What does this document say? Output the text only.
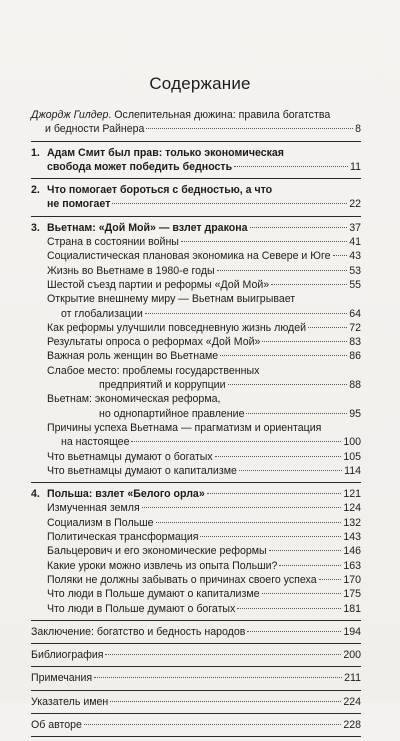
Содержание
Джордж Гилдер. Ослепительная дюжина: правила богатства
и бедности Райнера	8
1. Адам Смит был прав: только экономическая
свобода может победить бедность	11
2. Что помогает бороться с бедностью, а что
не помогает	22
3. Вьетнам: «Дой Мой» — взлет дракона	37
Страна в состоянии войны	41
Социалистическая плановая экономика на Севере и Юге 43
Жизнь во Вьетнаме в 1980-е годы	53
Шестой съезд партии и реформы «Дой Мой»	55
Открытие внешнему миру — Вьетнам выигрывает
от глобализации	64
Как реформы улучшили повседневную жизнь людей	72
Результаты опроса о реформах «Дой Мой»	83
Важная роль женщин во Вьетнаме	86
Слабое место: проблемы государственных
предприятий и коррупции	88
Вьетнам: экономическая реформа,
но однопартийное правление	95
Причины успеха Вьетнама — прагматизм и ориентация
на настоящее	100
Что вьетнамцы думают о богатых	105
Что вьетнамцы думают о капитализме	114
4. Польша: взлет «Белого орла»	121
Измученная земля	124
Социализм в Польше	132
Политическая трансформация	143
Бальцерович и его экономические реформы	146
Какие уроки можно извлечь из опыта Польши?	163
Поляки не должны забывать о причинах своего успеха	170
Что люди в Польше думают о капитализме	175
Что люди в Польше думают о богатых	181
Заключение: богатство и бедность народов	194
Библиография	200
Примечания	211
Указатель имен	224
Об авторе	228
